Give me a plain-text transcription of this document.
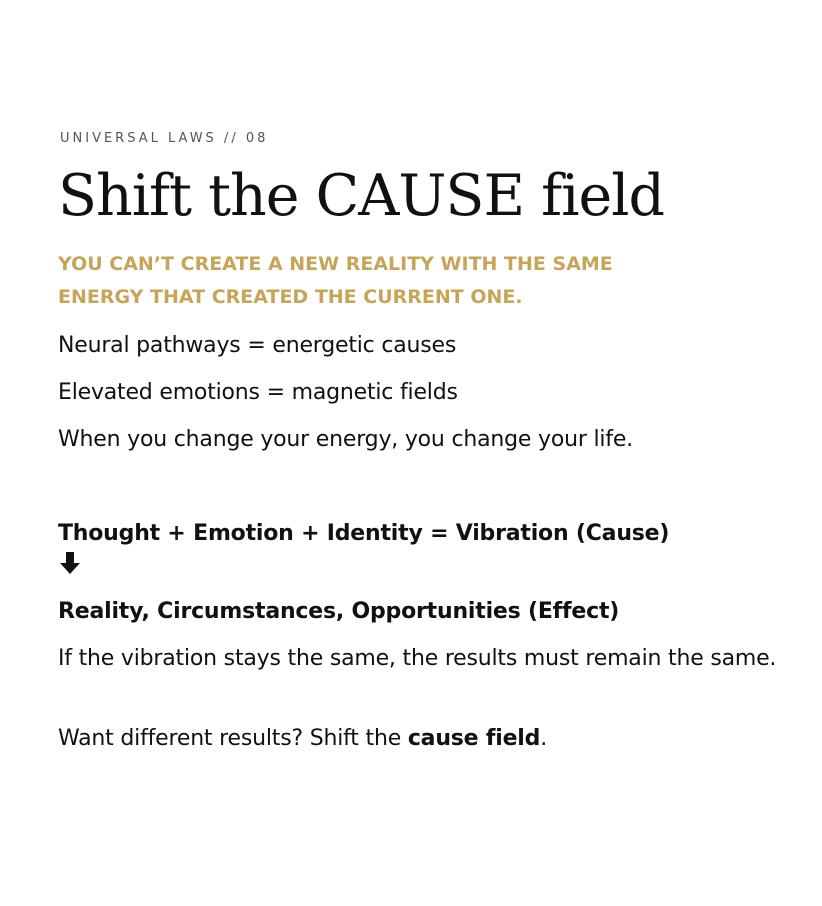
UNIVERSAL LAWS // 08
Shift the CAUSE field
YOU CAN’T CREATE A NEW REALITY WITH THE SAME ENERGY THAT CREATED THE CURRENT ONE.
Neural pathways = energetic causes
Elevated emotions = magnetic fields
When you change your energy, you change your life.
Thought + Emotion + Identity = Vibration (Cause)
Reality, Circumstances, Opportunities (Effect)
If the vibration stays the same, the results must remain the same.
Want different results? Shift the cause field.
